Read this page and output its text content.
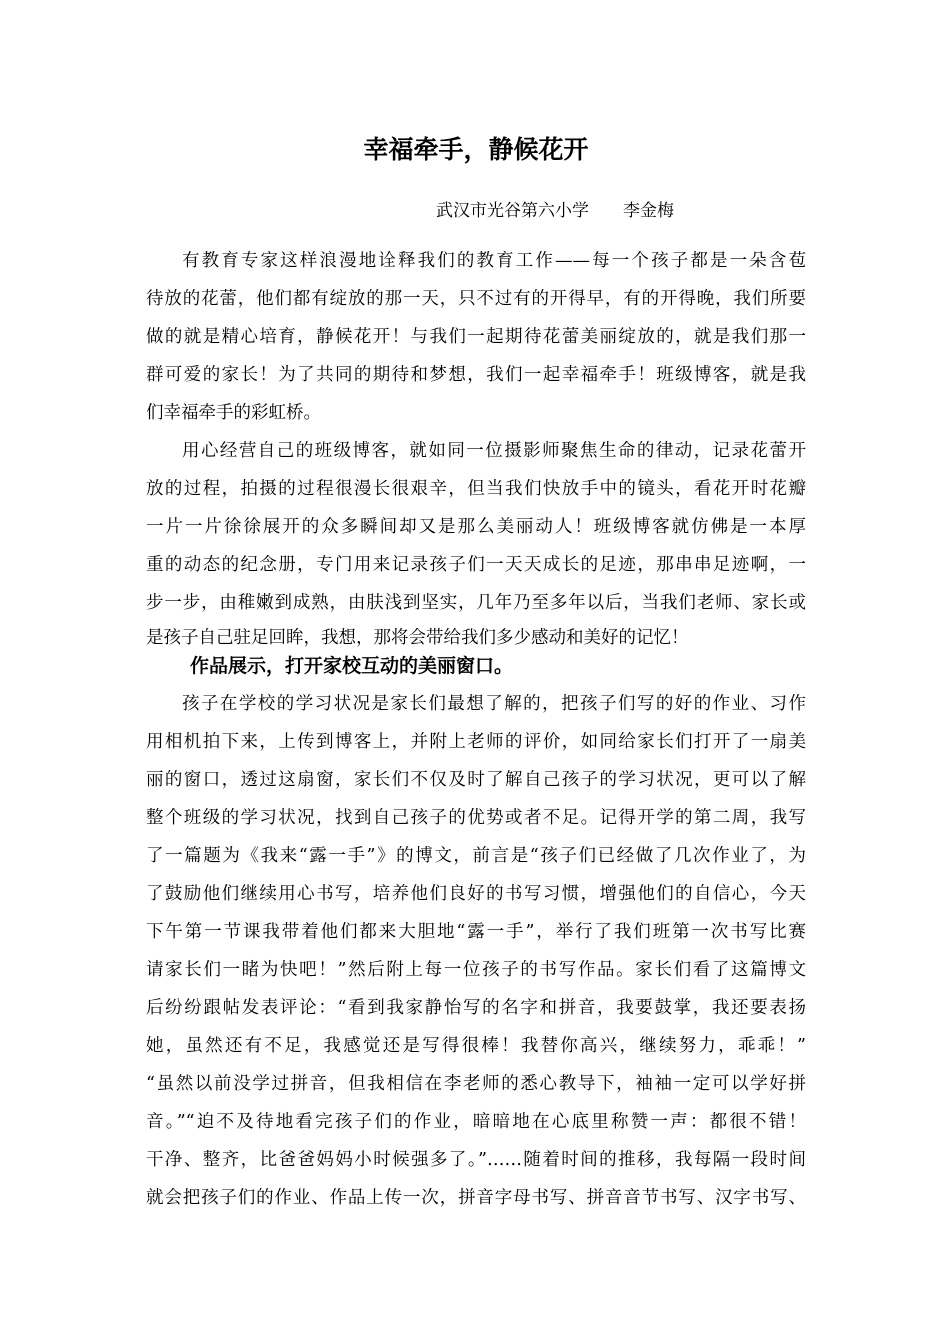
幸福牵手，静候花开
武汉市光谷第六小学 李金梅
有教育专家这样浪漫地诠释我们的教育工作——每一个孩子都是一朵含苞
待放的花蕾，他们都有绽放的那一天，只不过有的开得早，有的开得晚，我们所要
做的就是精心培育，静候花开！与我们一起期待花蕾美丽绽放的，就是我们那一
群可爱的家长！为了共同的期待和梦想，我们一起幸福牵手！班级博客，就是我
们幸福牵手的彩虹桥。
用心经营自己的班级博客，就如同一位摄影师聚焦生命的律动，记录花蕾开
放的过程，拍摄的过程很漫长很艰辛，但当我们快放手中的镜头，看花开时花瓣
一片一片徐徐展开的众多瞬间却又是那么美丽动人！班级博客就仿佛是一本厚
重的动态的纪念册，专门用来记录孩子们一天天成长的足迹，那串串足迹啊，一
步一步，由稚嫩到成熟，由肤浅到坚实，几年乃至多年以后，当我们老师、家长或
是孩子自己驻足回眸，我想，那将会带给我们多少感动和美好的记忆！
作品展示，打开家校互动的美丽窗口。
孩子在学校的学习状况是家长们最想了解的，把孩子们写的好的作业、习作
用相机拍下来，上传到博客上，并附上老师的评价，如同给家长们打开了一扇美
丽的窗口，透过这扇窗，家长们不仅及时了解自己孩子的学习状况，更可以了解
整个班级的学习状况，找到自己孩子的优势或者不足。记得开学的第二周，我写
了一篇题为《我来“露一手”》的博文，前言是“孩子们已经做了几次作业了，为
了鼓励他们继续用心书写，培养他们良好的书写习惯，增强他们的自信心，今天
下午第一节课我带着他们都来大胆地“露一手”，举行了我们班第一次书写比赛
请家长们一睹为快吧！”然后附上每一位孩子的书写作品。家长们看了这篇博文
后纷纷跟帖发表评论：“看到我家静怡写的名字和拼音，我要鼓掌，我还要表扬
她，虽然还有不足，我感觉还是写得很棒！我替你高兴，继续努力，乖乖！”
“虽然以前没学过拼音，但我相信在李老师的悉心教导下，袖袖一定可以学好拼
音。”“迫不及待地看完孩子们的作业，暗暗地在心底里称赞一声：都很不错！
干净、整齐，比爸爸妈妈小时候强多了。”……随着时间的推移，我每隔一段时间
就会把孩子们的作业、作品上传一次，拼音字母书写、拼音音节书写、汉字书写、
